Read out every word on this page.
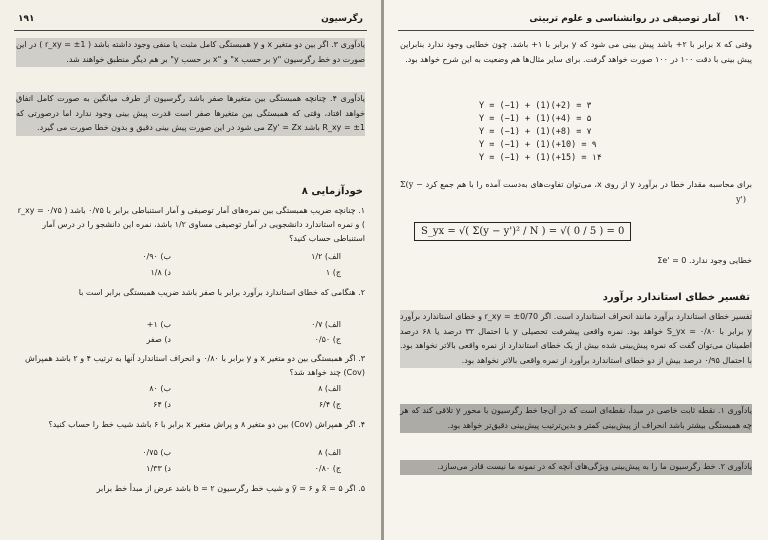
رگرسیون
۱۹۱

یادآوری ۳. اگر بین دو متغیر x و y همبستگی کامل مثبت یا منفی وجود داشته باشد ( r_xy = ±1 ) در این صورت دو خط رگرسیون "y بر حسب x" و "x بر حسب y" بر هم دیگر منطبق خواهند شد.

یادآوری ۴. چنانچه همبستگی بین متغیرها صفر باشد رگرسیون از طرف میانگین به صورت کامل اتفاق خواهد افتاد، وقتی که همبستگی بین متغیرها صفر است قدرت پیش بینی وجود ندارد اما درصورتی که R_xy = ±1 باشد Zy' = Zx می شود در این صورت پیش بینی دقیق و بدون خطا صورت می گیرد.

خودآزمایی ۸
۱. چنانچه ضریب همبستگی بین نمره‌های آمار توصیفی و آمار استنباطی برابر با ۰/۷۵ باشد ( r_xy = ۰/۷۵ ) و نمره استاندارد دانشجویی در آمار توصیفی مساوی ۱/۲ باشد، نمره این دانشجو را در درس آمار استنباطی حساب کنید؟
الف) ۱/۲
ب) ۰/۹۰
ج) ۱
د) ۱/۸
۲. هنگامی که خطای استاندارد برآورد برابر با صفر باشد ضریب همبستگی برابر است با
الف) ۰/۷
ب) ۱+
ج) ۰/۵۰
د) صفر
۳. اگر همبستگی بین دو متغیر x و y برابر با ۰/۸۰ و انحراف استاندارد آنها به ترتیب ۴ و ۲ باشد همپراش (Cov) چند خواهد شد؟
الف) ۸
ب) ۸۰
ج) ۶/۴
د) ۶۴
۴. اگر همپراش (Cov) بین دو متغیر ۸ و پراش متغیر x برابر با ۶ باشد شیب خط را حساب کنید؟
الف) ۸
ب) ۰/۷۵
ج) ۰/۸۰
د) ۱/۳۳
۵. اگر ۵ = x̄ و ۶ = ȳ و شیب خط رگرسیون b = ۲ باشد عرض از مبدأ خط برابر
۱۹۰
آمار توصیفی در روانشناسی و علوم تربیتی
وقتی که x برابر با ۲+ باشد پیش بینی می شود که y برابر با ۱+ باشد. چون خطایی وجود ندارد بنابراین پیش بینی با دقت ۱۰۰ در ۱۰۰ صورت خواهد گرفت. برای سایر مثال‌ها هم وضعیت به این شرح خواهد بود.
Y = (−1) + (1)(+2) = ۳
Y = (−1) + (1)(+4) = ۵
Y = (−1) + (1)(+8) = ۷
Y = (−1) + (1)(+10) = ۹
Y = (−1) + (1)(+15) = ۱۴
برای محاسبه مقدار خطا در برآورد y از روی x، می‌توان تفاوت‌های به‌دست آمده را با هم جمع کرد Σ(y − y')
S_yx = √( Σ(y − y')² / N ) = √( 0 / 5 ) = 0
خطایی وجود ندارد. Σe' = 0
تفسیر خطای استاندارد برآورد

تفسیر خطای استاندارد برآورد مانند انحراف استاندارد است. اگر r_xy = ±0/70 و خطای استاندارد برآورد y برابر با ۰/۸۰ = S_yx خواهد بود. نمره واقعی پیشرفت تحصیلی y با احتمال ۳۲ درصد یا ۶۸ درصد اطمینان می‌توان گفت که نمره پیش‌بینی شده بیش از یک خطای استاندارد از نمره واقعی بالاتر نخواهد بود. با احتمال ۰/۹۵ درصد بیش از دو خطای استاندارد برآورد از نمره واقعی بالاتر نخواهد بود.

یادآوری ۱. نقطه ثابت خاصی در مبدأ، نقطه‌ای است که در آن‌جا خط رگرسیون با محور y تلاقی کند که هر چه همبستگی بیشتر باشد انحراف از پیش‌بینی کمتر و بدین‌ترتیب پیش‌بینی دقیق‌تر خواهد بود.

یادآوری ۲. خط رگرسیون ما را به پیش‌بینی ویژگی‌های آنچه که در نمونه ما نیست قادر می‌سازد.
